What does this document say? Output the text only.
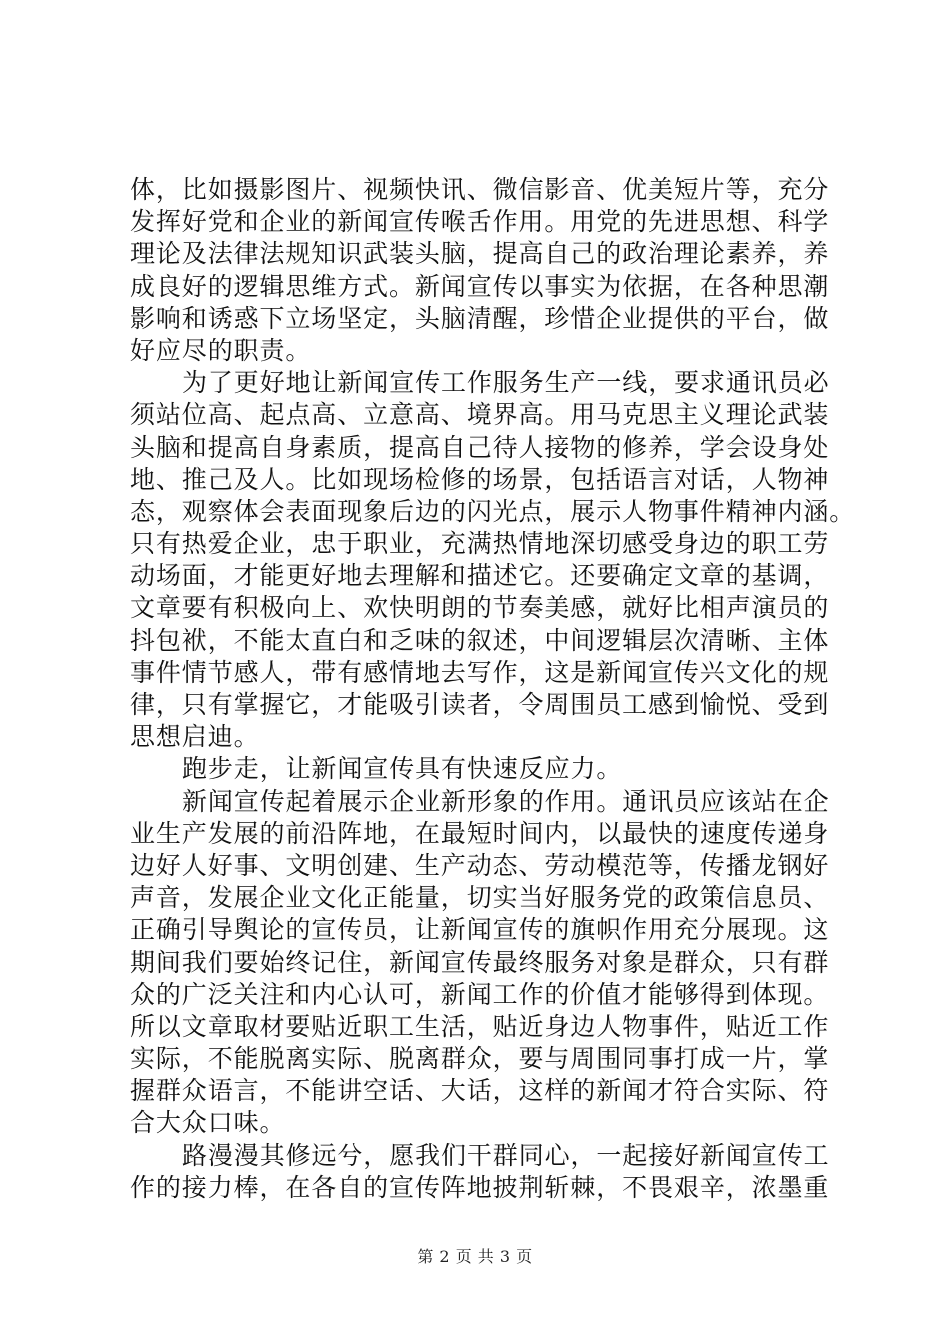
体，比如摄影图片、视频快讯、微信影音、优美短片等，充分
发挥好党和企业的新闻宣传喉舌作用。用党的先进思想、科学
理论及法律法规知识武装头脑，提高自己的政治理论素养，养
成良好的逻辑思维方式。新闻宣传以事实为依据，在各种思潮
影响和诱惑下立场坚定，头脑清醒，珍惜企业提供的平台，做
好应尽的职责。
为了更好地让新闻宣传工作服务生产一线，要求通讯员必
须站位高、起点高、立意高、境界高。用马克思主义理论武装
头脑和提高自身素质，提高自己待人接物的修养，学会设身处
地、推己及人。比如现场检修的场景，包括语言对话，人物神
态，观察体会表面现象后边的闪光点，展示人物事件精神内涵。
只有热爱企业，忠于职业，充满热情地深切感受身边的职工劳
动场面，才能更好地去理解和描述它。还要确定文章的基调，
文章要有积极向上、欢快明朗的节奏美感，就好比相声演员的
抖包袱，不能太直白和乏味的叙述，中间逻辑层次清晰、主体
事件情节感人，带有感情地去写作，这是新闻宣传兴文化的规
律，只有掌握它，才能吸引读者，令周围员工感到愉悦、受到
思想启迪。
跑步走，让新闻宣传具有快速反应力。
新闻宣传起着展示企业新形象的作用。通讯员应该站在企
业生产发展的前沿阵地，在最短时间内，以最快的速度传递身
边好人好事、文明创建、生产动态、劳动模范等，传播龙钢好
声音，发展企业文化正能量，切实当好服务党的政策信息员、
正确引导舆论的宣传员，让新闻宣传的旗帜作用充分展现。这
期间我们要始终记住，新闻宣传最终服务对象是群众，只有群
众的广泛关注和内心认可，新闻工作的价值才能够得到体现。
所以文章取材要贴近职工生活，贴近身边人物事件，贴近工作
实际，不能脱离实际、脱离群众，要与周围同事打成一片，掌
握群众语言，不能讲空话、大话，这样的新闻才符合实际、符
合大众口味。
路漫漫其修远兮，愿我们干群同心，一起接好新闻宣传工
作的接力棒，在各自的宣传阵地披荆斩棘，不畏艰辛，浓墨重
第 2 页 共 3 页
